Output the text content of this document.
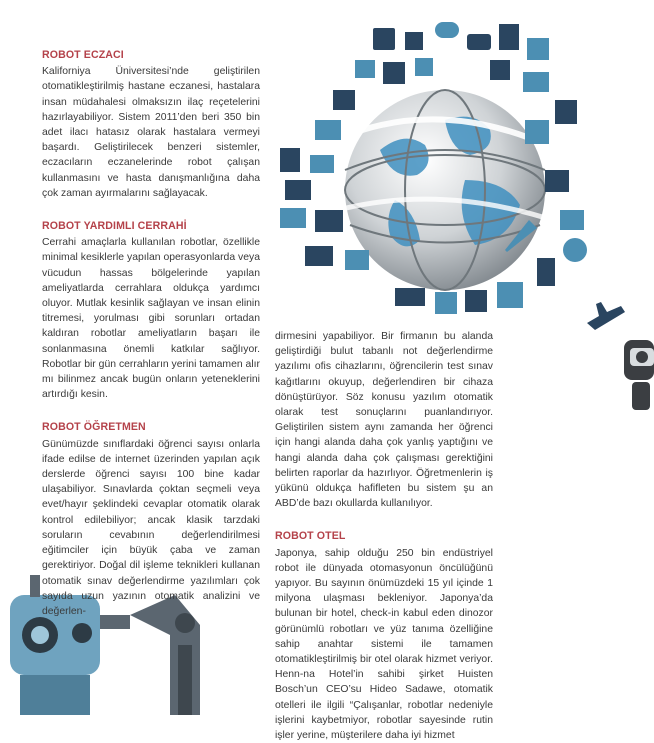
ROBOT ECZACI

Kaliforniya Üniversitesi’nde geliştirilen otomatikleştirilmiş hastane eczanesi, hastalara insan müdahalesi olmaksızın ilaç reçetelerini hazırlayabiliyor. Sistem 2011’den beri 350 bin adet ilacı hatasız olarak hastalara vermeyi başardı. Geliştirilecek benzeri sistemler, eczacıların eczanelerinde robot çalışan kullanmasını ve hasta danışmanlığına daha çok zaman ayırmalarını sağlayacak.

ROBOT YARDIMLI CERRAHİ

Cerrahi amaçlarla kullanılan robotlar, özellikle minimal kesiklerle yapılan operasyonlarda veya vücudun hassas bölgelerinde yapılan ameliyatlarda cerrahlara oldukça yardımcı oluyor. Mutlak kesinlik sağlayan ve insan elinin titremesi, yorulması gibi sorunları ortadan kaldıran robotlar ameliyatların başarı ile sonlanmasına önemli katkılar sağlıyor. Robotlar bir gün cerrahların yerini tamamen alır mı bilinmez ancak bugün onların yeteneklerini artırdığı kesin.

ROBOT ÖĞRETMEN

Günümüzde sınıflardaki öğrenci sayısı onlarla ifade edilse de internet üzerinden yapılan açık derslerde öğrenci sayısı 100 bine kadar ulaşabiliyor. Sınavlarda çoktan seçmeli veya evet/hayır şeklindeki cevaplar otomatik olarak kontrol edilebiliyor; ancak klasik tarzdaki soruların cevabının değerlendirilmesi eğitimciler için büyük çaba ve zaman gerektiriyor. Doğal dil işleme teknikleri kullanan otomatik sınav değerlendirme yazılımları çok sayıda uzun yazının otomatik analizini ve değerlen-

dirmesini yapabiliyor. Bir firmanın bu alanda geliştirdiği bulut tabanlı not değerlendirme yazılımı ofis cihazlarını, öğrencilerin test sınav kağıtlarını okuyup, değerlendiren bir cihaza dönüştürüyor. Söz konusu yazılım otomatik olarak test sonuçlarını puanlandırıyor. Geliştirilen sistem aynı zamanda her öğrenci için hangi alanda daha çok yanlış yaptığını ve hangi alanda daha çok çalışması gerektiğini belirten raporlar da hazırlıyor. Öğretmenlerin iş yükünü oldukça hafifleten bu sistem şu an ABD’de bazı okullarda kullanılıyor.

ROBOT OTEL

Japonya, sahip olduğu 250 bin endüstriyel robot ile dünyada otomasyonun öncülüğünü yapıyor. Bu sayının önümüzdeki 15 yıl içinde 1 milyona ulaşması bekleniyor. Japonya’da bulunan bir hotel, check-in kabul eden dinozor görünümlü robotları ve yüz tanıma özelliğine sahip anahtar sistemi ile tamamen otomatikleştirilmiş bir otel olarak hizmet veriyor. Henn-na Hotel’in sahibi şirket Huisten Bosch’un CEO’su Hideo Sadawe, otomatik otelleri ile ilgili “Çalışanlar, robotlar nedeniyle işlerini kaybetmiyor, robotlar sayesinde rutin işler yerine, müşterilere daha iyi hizmet
